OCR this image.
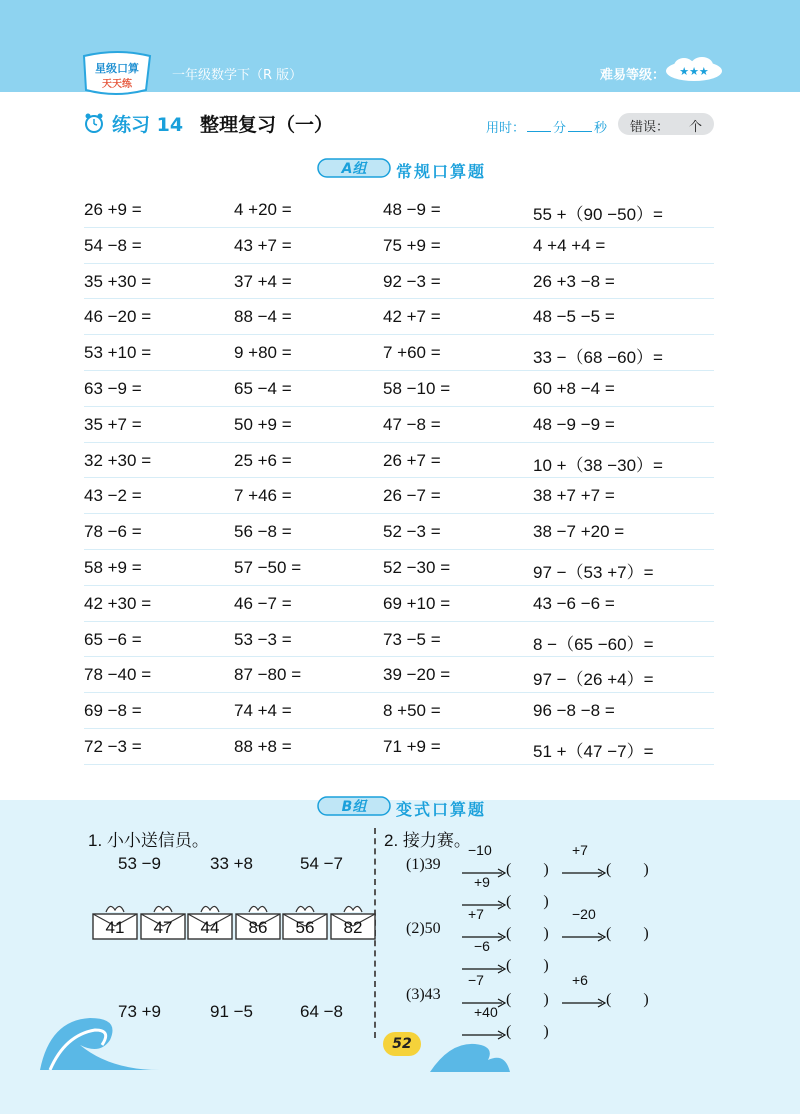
星级口算
天天练
一年级数学下（R 版）	难易等级： ★★★
练习 14 整理复习（一）	用时： 分 秒 错误： 个
A组 常规口算题
26 +9 =	4 +20 =	48 −9 =	55 +（90 −50）=
54 −8 =	43 +7 =	75 +9 =	4 +4 +4 =
35 +30 =	37 +4 =	92 −3 =	26 +3 −8 =
46 −20 =	88 −4 =	42 +7 =	48 −5 −5 =
53 +10 =	9 +80 =	7 +60 =	33 −（68 −60）=
63 −9 =	65 −4 =	58 −10 =	60 +8 −4 =
35 +7 =	50 +9 =	47 −8 =	48 −9 −9 =
32 +30 =	25 +6 =	26 +7 =	10 +（38 −30）=
43 −2 =	7 +46 =	26 −7 =	38 +7 +7 =
78 −6 =	56 −8 =	52 −3 =	38 −7 +20 =
58 +9 =	57 −50 =	52 −30 =	97 −（53 +7）=
42 +30 =	46 −7 =	69 +10 =	43 −6 −6 =
65 −6 =	53 −3 =	73 −5 =	8 −（65 −60）=
78 −40 =	87 −80 =	39 −20 =	97 −（26 +4）=
69 −8 =	74 +4 =	8 +50 =	96 −8 −8 =
72 −3 =	88 +8 =	71 +9 =	51 +（47 −7）=
B组 变式口算题
1. 小小送信员。
53 −9	33 +8	54 −7
41	47	44	86	56	82
73 +9	91 −5	64 −8
2. 接力赛。
(1)39
−10
(　　)
+7
(　　)
+9
(　　)
(2)50
+7
(　　)
−20
(　　)
−6
(　　)
(3)43
−7
(　　)
+6
(　　)
+40
(　　)
52
